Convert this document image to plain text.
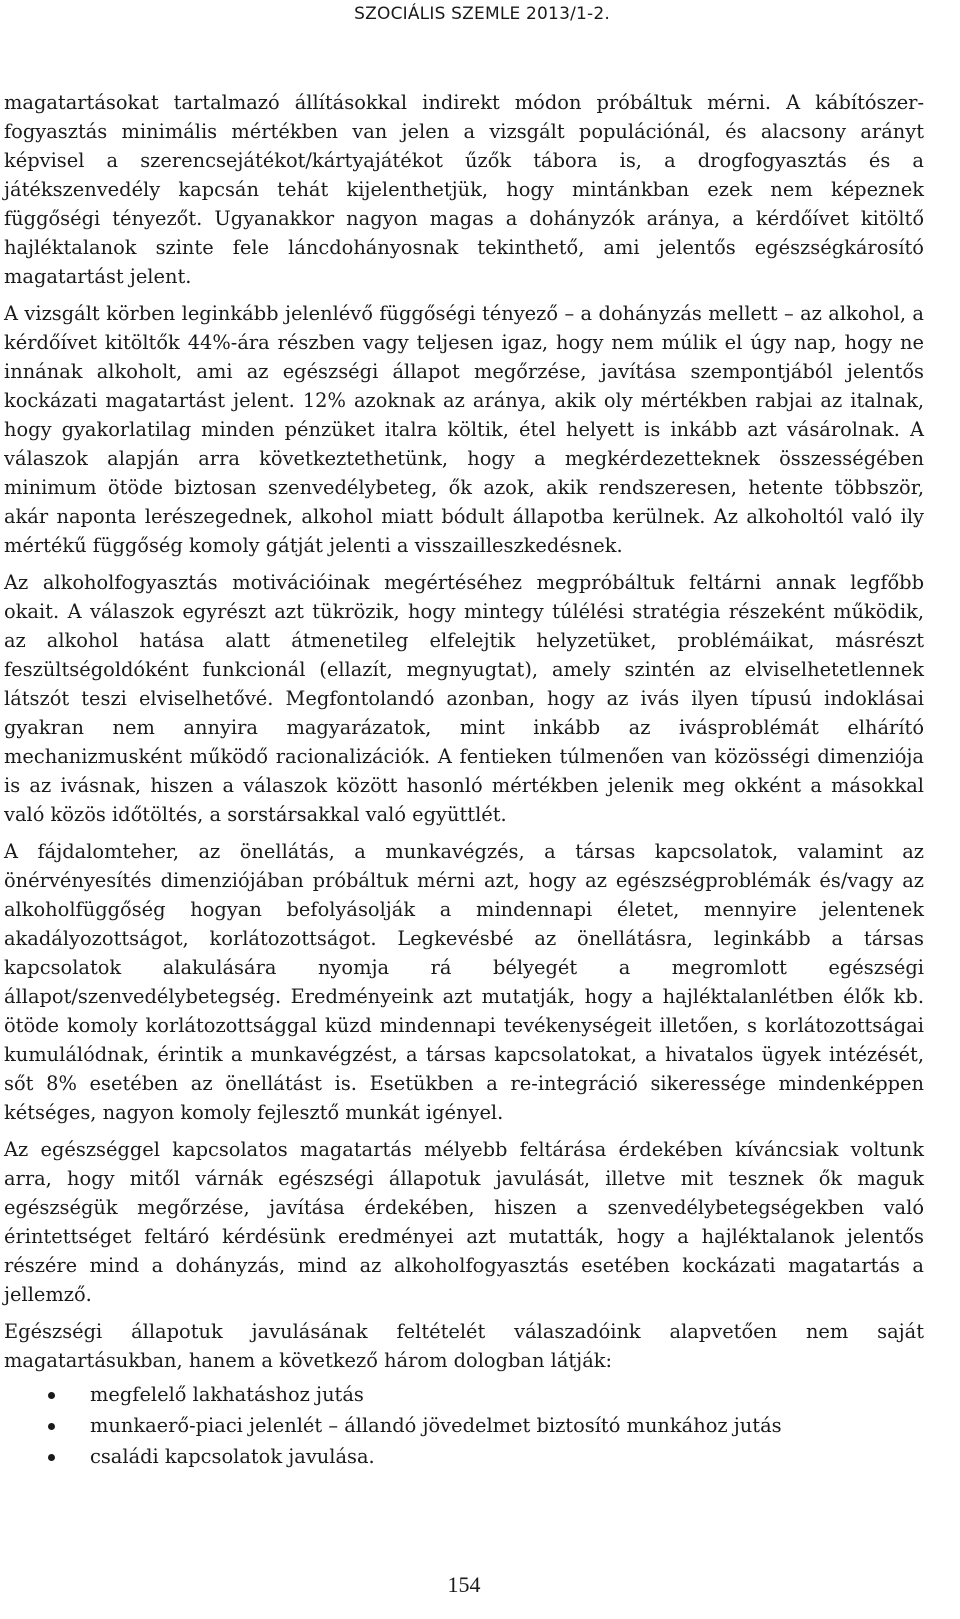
SZOCIÁLIS SZEMLE 2013/1-2.

magatartásokat tartalmazó állításokkal indirekt módon próbáltuk mérni. A kábítószer-fogyasztás minimális mértékben van jelen a vizsgált populációnál, és alacsony arányt képvisel a szerencsejátékot/kártyajátékot űzők tábora is, a drogfogyasztás és a játékszenvedély kapcsán tehát kijelenthetjük, hogy mintánkban ezek nem képeznek függőségi tényezőt. Ugyanakkor nagyon magas a dohányzók aránya, a kérdőívet kitöltő hajléktalanok szinte fele láncdohányosnak tekinthető, ami jelentős egészségkárosító magatartást jelent.

A vizsgált körben leginkább jelenlévő függőségi tényező – a dohányzás mellett – az alkohol, a kérdőívet kitöltők 44%-ára részben vagy teljesen igaz, hogy nem múlik el úgy nap, hogy ne innának alkoholt, ami az egészségi állapot megőrzése, javítása szempontjából jelentős kockázati magatartást jelent. 12% azoknak az aránya, akik oly mértékben rabjai az italnak, hogy gyakorlatilag minden pénzüket italra költik, étel helyett is inkább azt vásárolnak. A válaszok alapján arra következtethetünk, hogy a megkérdezetteknek összességében minimum ötöde biztosan szenvedélybeteg, ők azok, akik rendszeresen, hetente többször, akár naponta lerészegednek, alkohol miatt bódult állapotba kerülnek. Az alkoholtól való ily mértékű függőség komoly gátját jelenti a visszailleszkedésnek.

Az alkoholfogyasztás motivációinak megértéséhez megpróbáltuk feltárni annak legfőbb okait. A válaszok egyrészt azt tükrözik, hogy mintegy túlélési stratégia részeként működik, az alkohol hatása alatt átmenetileg elfelejtik helyzetüket, problémáikat, másrészt feszültségoldóként funkcionál (ellazít, megnyugtat), amely szintén az elviselhetetlennek látszót teszi elviselhetővé. Megfontolandó azonban, hogy az ivás ilyen típusú indoklásai gyakran nem annyira magyarázatok, mint inkább az ivásproblémát elhárító mechanizmusként működő racionalizációk. A fentieken túlmenően van közösségi dimenziója is az ivásnak, hiszen a válaszok között hasonló mértékben jelenik meg okként a másokkal való közös időtöltés, a sorstársakkal való együttlét.

A fájdalomteher, az önellátás, a munkavégzés, a társas kapcsolatok, valamint az önérvényesítés dimenziójában próbáltuk mérni azt, hogy az egészségproblémák és/vagy az alkoholfüggőség hogyan befolyásolják a mindennapi életet, mennyire jelentenek akadályozottságot, korlátozottságot. Legkevésbé az önellátásra, leginkább a társas kapcsolatok alakulására nyomja rá bélyegét a megromlott egészségi állapot/szenvedélybetegség. Eredményeink azt mutatják, hogy a hajléktalanlétben élők kb. ötöde komoly korlátozottsággal küzd mindennapi tevékenységeit illetően, s korlátozottságai kumulálódnak, érintik a munkavégzést, a társas kapcsolatokat, a hivatalos ügyek intézését, sőt 8% esetében az önellátást is. Esetükben a re-integráció sikeressége mindenképpen kétséges, nagyon komoly fejlesztő munkát igényel.

Az egészséggel kapcsolatos magatartás mélyebb feltárása érdekében kíváncsiak voltunk arra, hogy mitől várnák egészségi állapotuk javulását, illetve mit tesznek ők maguk egészségük megőrzése, javítása érdekében, hiszen a szenvedélybetegségekben való érintettséget feltáró kérdésünk eredményei azt mutatták, hogy a hajléktalanok jelentős részére mind a dohányzás, mind az alkoholfogyasztás esetében kockázati magatartás a jellemző.

Egészségi állapotuk javulásának feltételét válaszadóink alapvetően nem saját magatartásukban, hanem a következő három dologban látják:

megfelelő lakhatáshoz jutás
munkaerő-piaci jelenlét – állandó jövedelmet biztosító munkához jutás
családi kapcsolatok javulása.
154
